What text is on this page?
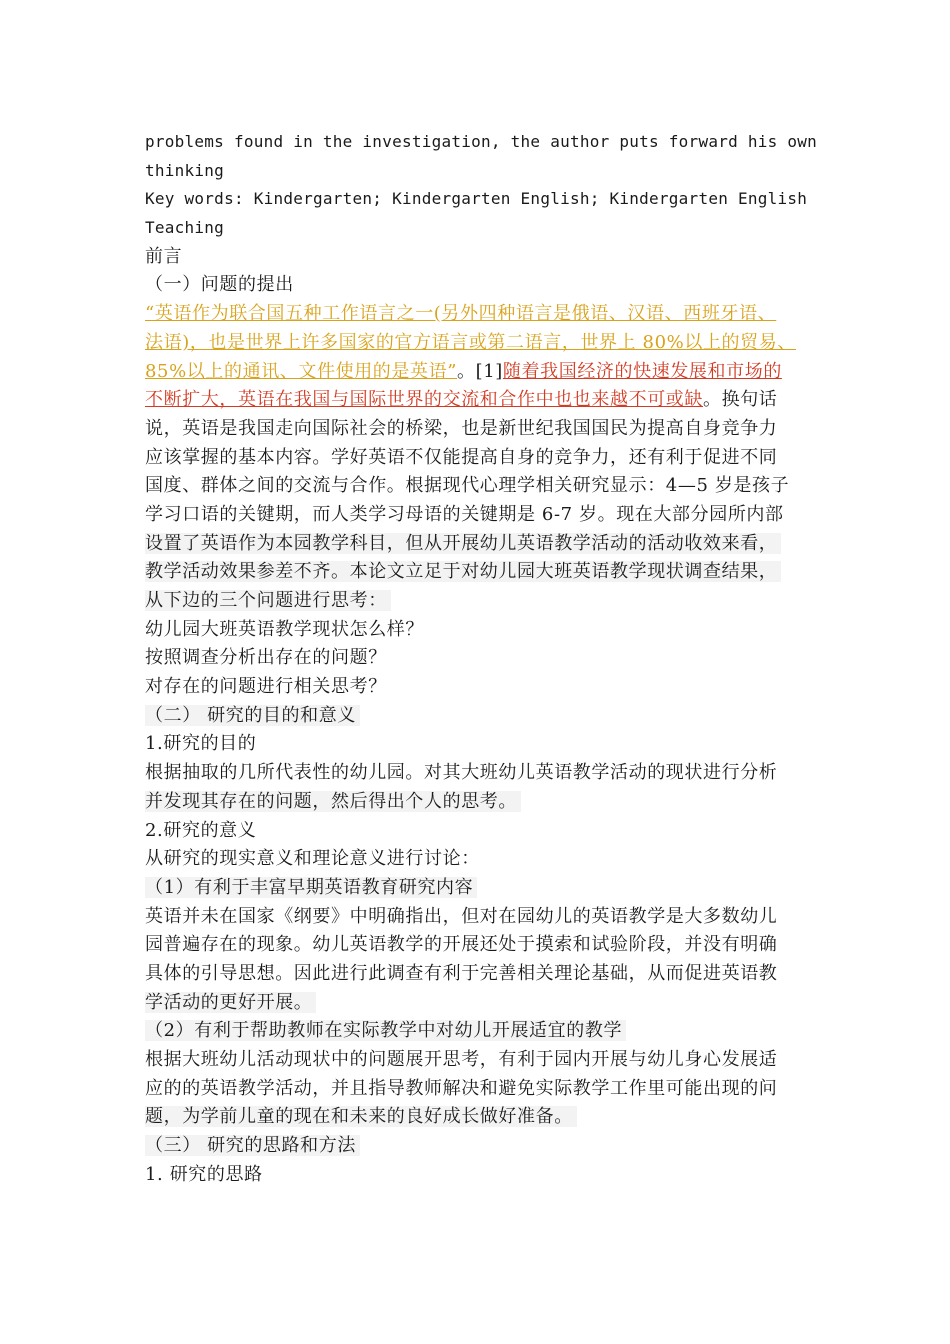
problems found in the investigation, the author puts forward his own
thinking
Key words: Kindergarten; Kindergarten English; Kindergarten English
Teaching
前言
（一）问题的提出
“英语作为联合国五种工作语言之一(另外四种语言是俄语、汉语、西班牙语、
法语)，也是世界上许多国家的官方语言或第二语言，世界上 80%以上的贸易、
85%以上的通讯、文件使用的是英语”。[1]随着我国经济的快速发展和市场的
不断扩大，英语在我国与国际世界的交流和合作中也也来越不可或缺。换句话
说，英语是我国走向国际社会的桥梁，也是新世纪我国国民为提高自身竞争力
应该掌握的基本内容。学好英语不仅能提高自身的竞争力，还有利于促进不同
国度、群体之间的交流与合作。根据现代心理学相关研究显示：4—5 岁是孩子
学习口语的关键期，而人类学习母语的关键期是 6-7 岁。现在大部分园所内部
设置了英语作为本园教学科目，但从开展幼儿英语教学活动的活动收效来看，
教学活动效果参差不齐。本论文立足于对幼儿园大班英语教学现状调查结果，
从下边的三个问题进行思考：
幼儿园大班英语教学现状怎么样？
按照调查分析出存在的问题？
对存在的问题进行相关思考？
（二） 研究的目的和意义
1.研究的目的
根据抽取的几所代表性的幼儿园。对其大班幼儿英语教学活动的现状进行分析
并发现其存在的问题，然后得出个人的思考。
2.研究的意义
从研究的现实意义和理论意义进行讨论：
（1）有利于丰富早期英语教育研究内容
英语并未在国家《纲要》中明确指出，但对在园幼儿的英语教学是大多数幼儿
园普遍存在的现象。幼儿英语教学的开展还处于摸索和试验阶段，并没有明确
具体的引导思想。因此进行此调查有利于完善相关理论基础，从而促进英语教
学活动的更好开展。
（2）有利于帮助教师在实际教学中对幼儿开展适宜的教学
根据大班幼儿活动现状中的问题展开思考，有利于园内开展与幼儿身心发展适
应的的英语教学活动，并且指导教师解决和避免实际教学工作里可能出现的问
题，为学前儿童的现在和未来的良好成长做好准备。
（三） 研究的思路和方法
1. 研究的思路
